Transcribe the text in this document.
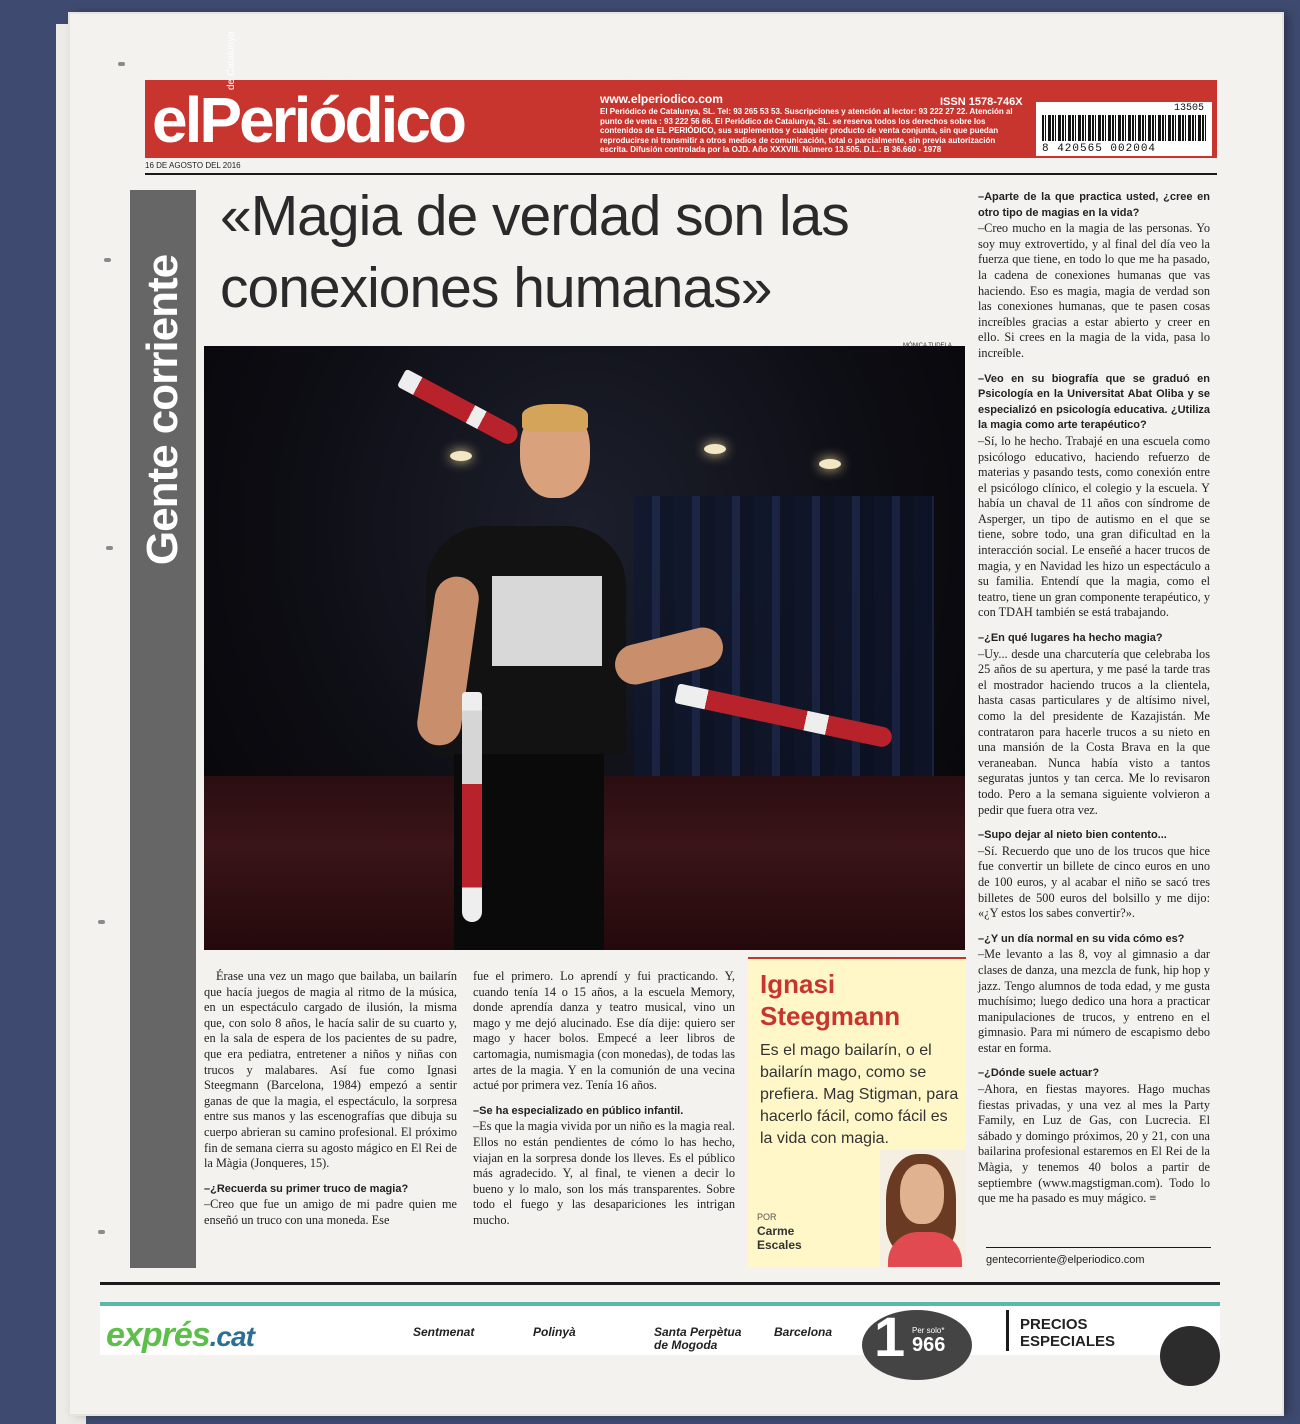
elPeriódico
de Catalunya
www.elperiodico.com	ISSN 1578-746X
El Periódico de Catalunya, SL. Tel: 93 265 53 53. Suscripciones y atención al lector: 93 222 27 22. Atención al punto de venta : 93 222 56 66. El Periódico de Catalunya, SL. se reserva todos los derechos sobre los contenidos de EL PERIÓDICO, sus suplementos y cualquier producto de venta conjunta, sin que puedan reproducirse ni transmitir a otros medios de comunicación, total o parcialmente, sin previa autorización escrita. Difusión controlada por la OJD. Año XXXVIII. Número 13.505. D.L.: B 36.660 - 1978
13505
8 420565 002004
16 DE AGOSTO DEL 2016
Gente corriente
«Magia de verdad son las conexiones humanas»

Érase una vez un mago que bailaba, un bailarín que hacía juegos de magia al ritmo de la música, en un espectáculo cargado de ilusión, la misma que, con solo 8 años, le hacía salir de su cuarto y, en la sala de espera de los pacientes de su padre, que era pediatra, entretener a niños y niñas con trucos y malabares. Así fue como Ignasi Steegmann (Barcelona, 1984) empezó a sentir ganas de que la magia, el espectáculo, la sorpresa entre sus manos y las escenografías que dibuja su cuerpo abrieran su camino profesional. El próximo fin de semana cierra su agosto mágico en El Rei de la Màgia (Jonqueres, 15).

–¿Recuerda su primer truco de magia?
–Creo que fue un amigo de mi padre quien me enseñó un truco con una moneda. Ese

fue el primero. Lo aprendí y fui practicando. Y, cuando tenía 14 o 15 años, a la escuela Memory, donde aprendía danza y teatro musical, vino un mago y me dejó alucinado. Ese día dije: quiero ser mago y hacer bolos. Empecé a leer libros de cartomagia, numismagia (con monedas), de todas las artes de la magia. Y en la comunión de una vecina actué por primera vez. Tenía 16 años.

–Se ha especializado en público infantil.
–Es que la magia vivida por un niño es la magia real. Ellos no están pendientes de cómo lo has hecho, viajan en la sorpresa donde los lleves. Es el público más agradecido. Y, al final, te vienen a decir lo bueno y lo malo, son los más transparentes. Sobre todo el fuego y las desapariciones les intrigan mucho.
Ignasi
Steegmann
Es el mago bailarín, o el bailarín mago, como se prefiera. Mag Stigman, para hacerlo fácil, como fácil es la vida con magia.
POR
Carme
Escales

–Aparte de la que practica usted, ¿cree en otro tipo de magias en la vida?
–Creo mucho en la magia de las personas. Yo soy muy extrovertido, y al final del día veo la fuerza que tiene, en todo lo que me ha pasado, la cadena de conexiones humanas que vas haciendo. Eso es magia, magia de verdad son las conexiones humanas, que te pasen cosas increíbles gracias a estar abierto y creer en ello. Si crees en la magia de la vida, pasa lo increíble.

–Veo en su biografía que se graduó en Psicología en la Universitat Abat Oliba y se especializó en psicología educativa. ¿Utiliza la magia como arte terapéutico?
–Sí, lo he hecho. Trabajé en una escuela como psicólogo educativo, haciendo refuerzo de materias y pasando tests, como conexión entre el psicólogo clínico, el colegio y la escuela. Y había un chaval de 11 años con síndrome de Asperger, un tipo de autismo en el que se tiene, sobre todo, una gran dificultad en la interacción social. Le enseñé a hacer trucos de magia, y en Navidad les hizo un espectáculo a su familia. Entendí que la magia, como el teatro, tiene un gran componente terapéutico, y con TDAH también se está trabajando.

–¿En qué lugares ha hecho magia?
–Uy... desde una charcutería que celebraba los 25 años de su apertura, y me pasé la tarde tras el mostrador haciendo trucos a la clientela, hasta casas particulares y de altísimo nivel, como la del presidente de Kazajistán. Me contrataron para hacerle trucos a su nieto en una mansión de la Costa Brava en la que veraneaban. Nunca había visto a tantos seguratas juntos y tan cerca. Me lo revisaron todo. Pero a la semana siguiente volvieron a pedir que fuera otra vez.

–Supo dejar al nieto bien contento...
–Sí. Recuerdo que uno de los trucos que hice fue convertir un billete de cinco euros en uno de 100 euros, y al acabar el niño se sacó tres billetes de 500 euros del bolsillo y me dijo: «¿Y estos los sabes convertir?».

–¿Y un día normal en su vida cómo es?
–Me levanto a las 8, voy al gimnasio a dar clases de danza, una mezcla de funk, hip hop y jazz. Tengo alumnos de toda edad, y me gusta muchísimo; luego dedico una hora a practicar manipulaciones de trucos, y entreno en el gimnasio. Para mi número de escapismo debo estar en forma.

–¿Dónde suele actuar?
–Ahora, en fiestas mayores. Hago muchas fiestas privadas, y una vez al mes la Party Family, en Luz de Gas, con Lucrecia. El sábado y domingo próximos, 20 y 21, con una bailarina profesional estaremos en El Rei de la Màgia, y tenemos 40 bolos a partir de septiembre (www.magstigman.com). Todo lo que me ha pasado es muy mágico. ≡

gentecorriente@elperiodico.com
exprés.cat	Sentmenat	Polinyà	Santa Perpètua
de Mogoda
Barcelona 1 Per solo*
966
PRECIOS
ESPECIALES
